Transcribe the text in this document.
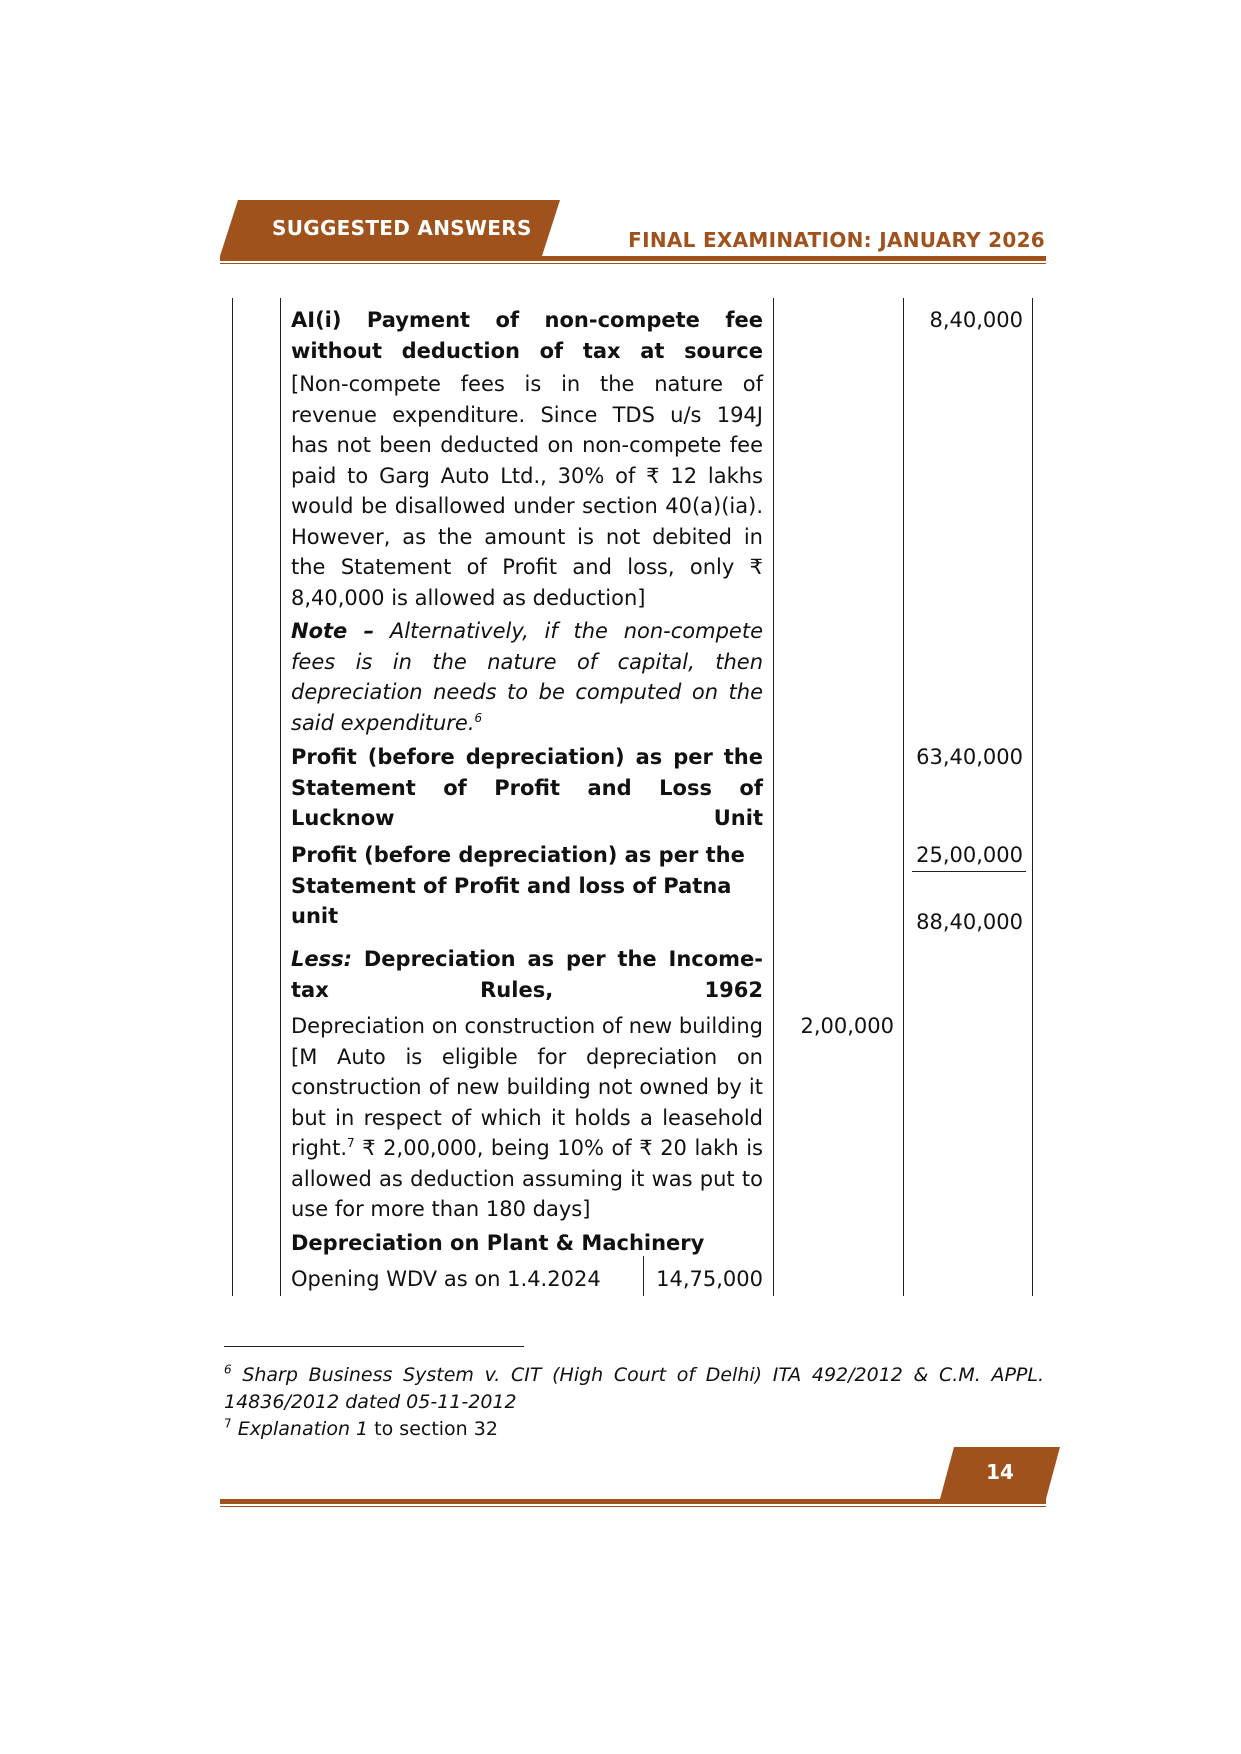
SUGGESTED ANSWERS	FINAL EXAMINATION: JANUARY 2026
AI(i) Payment of non-compete fee without deduction of tax at source
8,40,000
[Non-compete fees is in the nature of revenue expenditure. Since TDS u/s 194J has not been deducted on non-compete fee paid to Garg Auto Ltd., 30% of ₹ 12 lakhs would be disallowed under section 40(a)(ia). However, as the amount is not debited in the Statement of Profit and loss, only ₹ 8,40,000 is allowed as deduction]
Note – Alternatively, if the non-compete fees is in the nature of capital, then depreciation needs to be computed on the said expenditure.$^6$
Profit (before depreciation) as per the Statement of Profit and Loss of Lucknow Unit
63,40,000
Profit (before depreciation) as per the Statement of Profit and loss of Patna unit
25,00,000
88,40,000
Less: Depreciation as per the Income-tax Rules, 1962
Depreciation on construction of new building [M Auto is eligible for depreciation on construction of new building not owned by it but in respect of which it holds a leasehold right.$^7$ ₹ 2,00,000, being 10% of ₹ 20 lakh is allowed as deduction assuming it was put to use for more than 180 days]
2,00,000
Depreciation on Plant & Machinery
Opening WDV as on 1.4.2024	14,75,000
$^6$ Sharp Business System v. CIT (High Court of Delhi) ITA 492/2012 & C.M. APPL. 14836/2012 dated 05-11-2012
$^7$ Explanation 1 to section 32
14
